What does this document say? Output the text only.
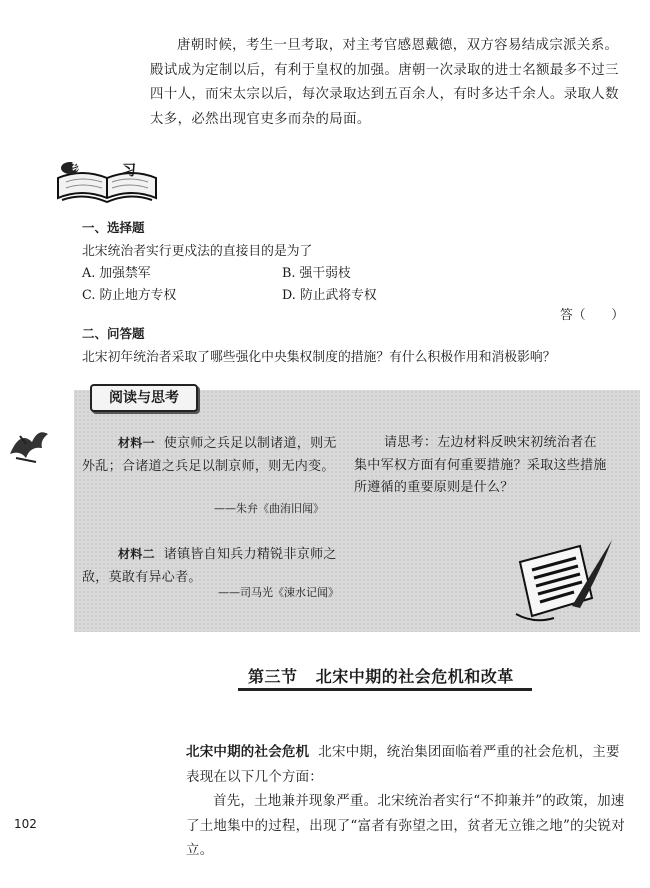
唐朝时候，考生一旦考取，对主考官感恩戴德，双方容易结成宗派关系。殿试成为定制以后，有利于皇权的加强。唐朝一次录取的进士名额最多不过三四十人，而宋太宗以后，每次录取达到五百余人，有时多达千余人。录取人数太多，必然出现官吏多而杂的局面。
练	习
一、选择题
北宋统治者实行更戍法的直接目的是为了
A. 加强禁军	B. 强干弱枝
C. 防止地方专权	D. 防止武将专权
答（　　）
二、问答题
北宋初年统治者采取了哪些强化中央集权制度的措施？有什么积极作用和消极影响？
阅读与思考
材料一 使京师之兵足以制诸道，则无外乱；合诸道之兵足以制京师，则无内变。
——朱弁《曲洧旧闻》
材料二 诸镇皆自知兵力精锐非京师之敌，莫敢有异心者。
——司马光《涑水记闻》
请思考：左边材料反映宋初统治者在集中军权方面有何重要措施？采取这些措施所遵循的重要原则是什么？
第三节 北宋中期的社会危机和改革
北宋中期的社会危机 北宋中期，统治集团面临着严重的社会危机，主要表现在以下几个方面：
首先，土地兼并现象严重。北宋统治者实行“不抑兼并”的政策，加速了土地集中的过程，出现了“富者有弥望之田，贫者无立锥之地”的尖锐对立。
102
